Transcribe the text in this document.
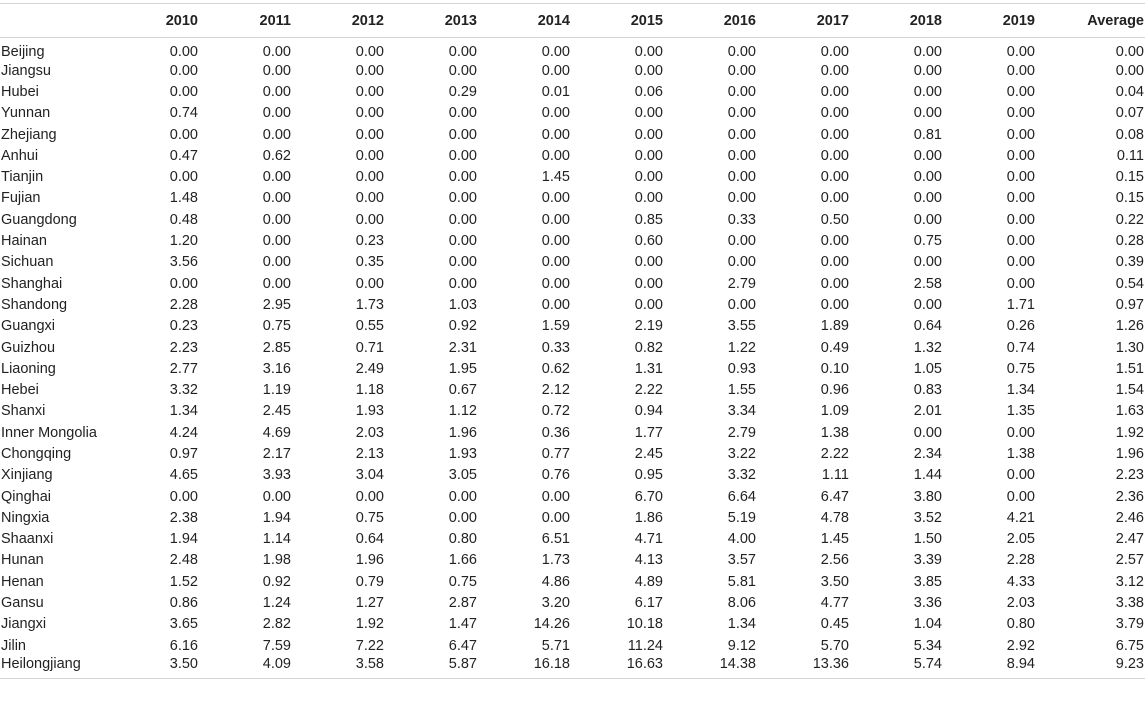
	2010	2011	2012	2013	2014	2015	2016	2017	2018	2019	Average
Beijing	0.00	0.00	0.00	0.00	0.00	0.00	0.00	0.00	0.00	0.00	0.00
Jiangsu	0.00	0.00	0.00	0.00	0.00	0.00	0.00	0.00	0.00	0.00	0.00
Hubei	0.00	0.00	0.00	0.29	0.01	0.06	0.00	0.00	0.00	0.00	0.04
Yunnan	0.74	0.00	0.00	0.00	0.00	0.00	0.00	0.00	0.00	0.00	0.07
Zhejiang	0.00	0.00	0.00	0.00	0.00	0.00	0.00	0.00	0.81	0.00	0.08
Anhui	0.47	0.62	0.00	0.00	0.00	0.00	0.00	0.00	0.00	0.00	0.11
Tianjin	0.00	0.00	0.00	0.00	1.45	0.00	0.00	0.00	0.00	0.00	0.15
Fujian	1.48	0.00	0.00	0.00	0.00	0.00	0.00	0.00	0.00	0.00	0.15
Guangdong	0.48	0.00	0.00	0.00	0.00	0.85	0.33	0.50	0.00	0.00	0.22
Hainan	1.20	0.00	0.23	0.00	0.00	0.60	0.00	0.00	0.75	0.00	0.28
Sichuan	3.56	0.00	0.35	0.00	0.00	0.00	0.00	0.00	0.00	0.00	0.39
Shanghai	0.00	0.00	0.00	0.00	0.00	0.00	2.79	0.00	2.58	0.00	0.54
Shandong	2.28	2.95	1.73	1.03	0.00	0.00	0.00	0.00	0.00	1.71	0.97
Guangxi	0.23	0.75	0.55	0.92	1.59	2.19	3.55	1.89	0.64	0.26	1.26
Guizhou	2.23	2.85	0.71	2.31	0.33	0.82	1.22	0.49	1.32	0.74	1.30
Liaoning	2.77	3.16	2.49	1.95	0.62	1.31	0.93	0.10	1.05	0.75	1.51
Hebei	3.32	1.19	1.18	0.67	2.12	2.22	1.55	0.96	0.83	1.34	1.54
Shanxi	1.34	2.45	1.93	1.12	0.72	0.94	3.34	1.09	2.01	1.35	1.63
Inner Mongolia	4.24	4.69	2.03	1.96	0.36	1.77	2.79	1.38	0.00	0.00	1.92
Chongqing	0.97	2.17	2.13	1.93	0.77	2.45	3.22	2.22	2.34	1.38	1.96
Xinjiang	4.65	3.93	3.04	3.05	0.76	0.95	3.32	1.11	1.44	0.00	2.23
Qinghai	0.00	0.00	0.00	0.00	0.00	6.70	6.64	6.47	3.80	0.00	2.36
Ningxia	2.38	1.94	0.75	0.00	0.00	1.86	5.19	4.78	3.52	4.21	2.46
Shaanxi	1.94	1.14	0.64	0.80	6.51	4.71	4.00	1.45	1.50	2.05	2.47
Hunan	2.48	1.98	1.96	1.66	1.73	4.13	3.57	2.56	3.39	2.28	2.57
Henan	1.52	0.92	0.79	0.75	4.86	4.89	5.81	3.50	3.85	4.33	3.12
Gansu	0.86	1.24	1.27	2.87	3.20	6.17	8.06	4.77	3.36	2.03	3.38
Jiangxi	3.65	2.82	1.92	1.47	14.26	10.18	1.34	0.45	1.04	0.80	3.79
Jilin	6.16	7.59	7.22	6.47	5.71	11.24	9.12	5.70	5.34	2.92	6.75
Heilongjiang	3.50	4.09	3.58	5.87	16.18	16.63	14.38	13.36	5.74	8.94	9.23
